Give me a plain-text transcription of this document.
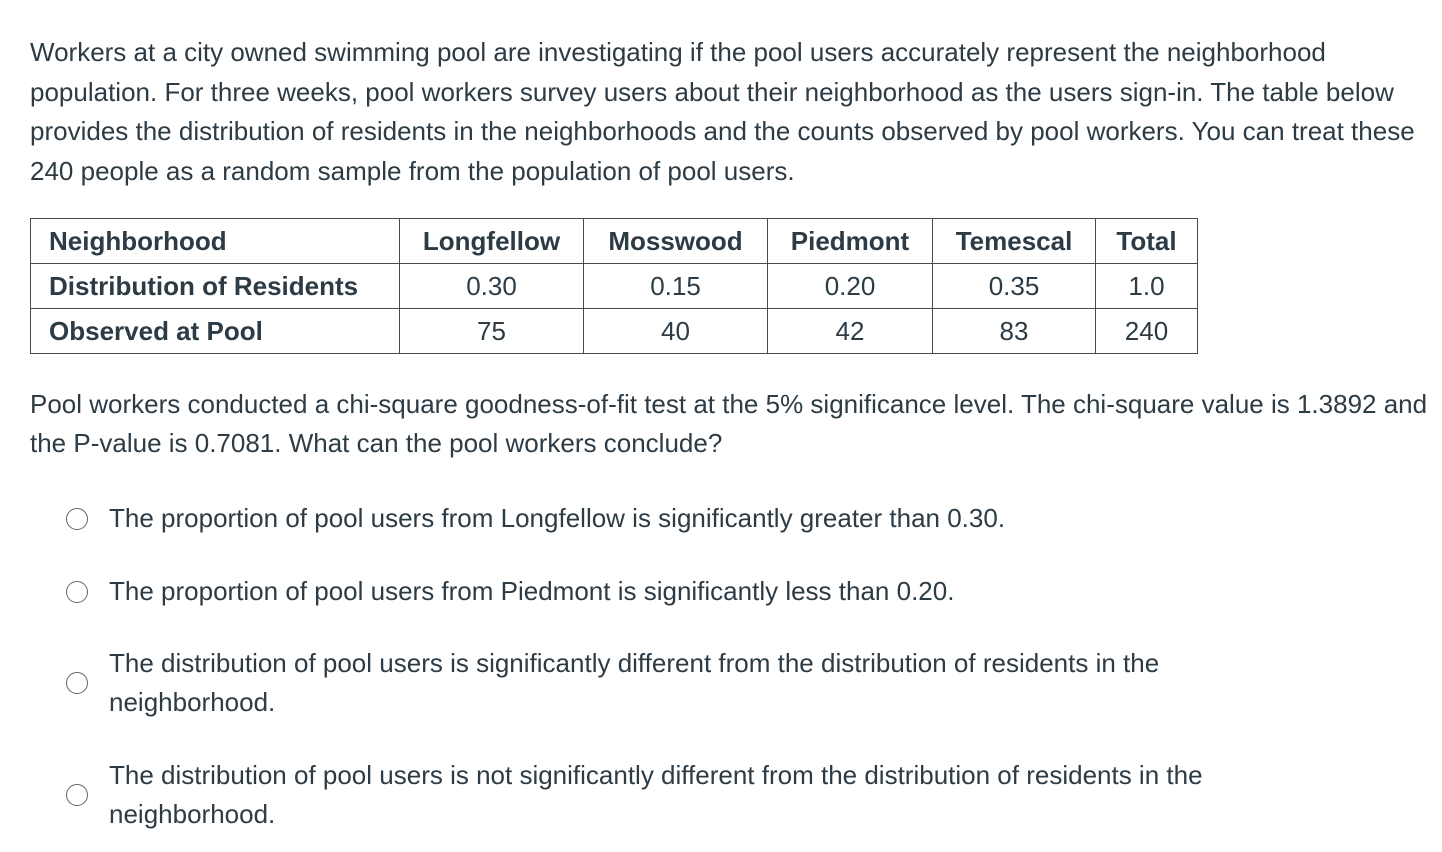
Workers at a city owned swimming pool are investigating if the pool users accurately represent the neighborhood population. For three weeks, pool workers survey users about their neighborhood as the users sign-in. The table below provides the distribution of residents in the neighborhoods and the counts observed by pool workers. You can treat these 240 people as a random sample from the population of pool users.

Neighborhood	Longfellow	Mosswood	Piedmont	Temescal	Total
Distribution of Residents	0.30	0.15	0.20	0.35	1.0
Observed at Pool	75	40	42	83	240

Pool workers conducted a chi-square goodness-of-fit test at the 5% significance level. The chi-square value is 1.3892 and the P-value is 0.7081. What can the pool workers conclude?

The proportion of pool users from Longfellow is significantly greater than 0.30.
The proportion of pool users from Piedmont is significantly less than 0.20.
The distribution of pool users is significantly different from the distribution of residents in the neighborhood.
The distribution of pool users is not significantly different from the distribution of residents in the neighborhood.
